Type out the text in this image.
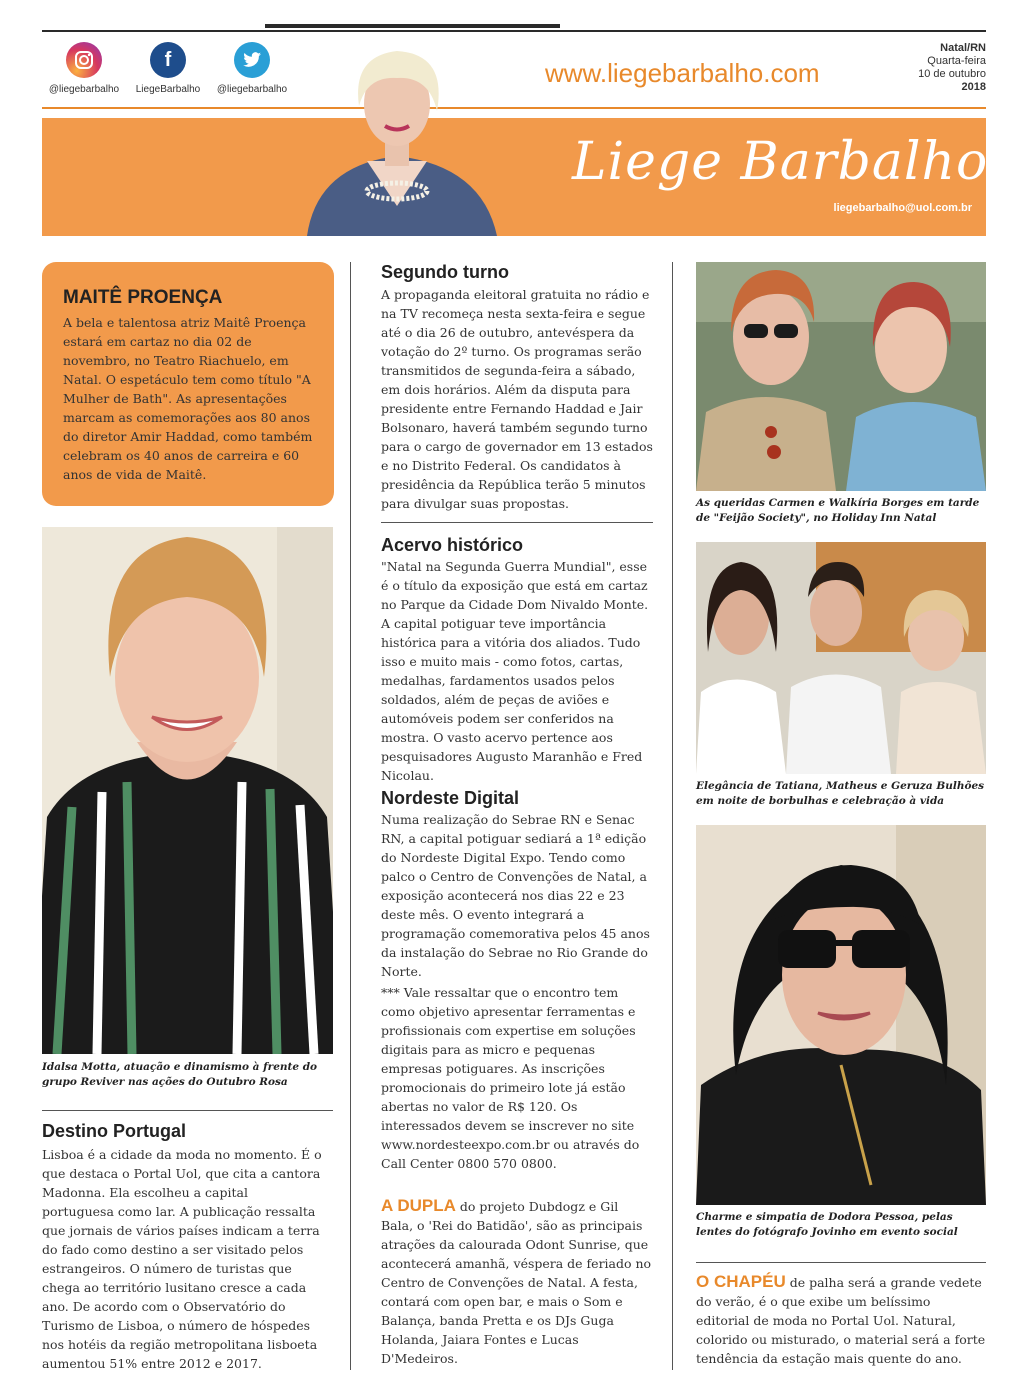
@liegebarbalho
f
LiegeBarbalho	@liegebarbalho
www.liegebarbalho.com
Natal/RN
Quarta-feira
10 de outubro
2018
Liege Barbalho
liegebarbalho@uol.com.br
MAITÊ PROENÇA
A bela e talentosa atriz Maitê Proença estará em cartaz no dia 02 de novembro, no Teatro Riachuelo, em Natal. O espetáculo tem como título "A Mulher de Bath". As apresentações marcam as comemorações aos 80 anos do diretor Amir Haddad, como também celebram os 40 anos de carreira e 60 anos de vida de Maitê.
Idalsa Motta, atuação e dinamismo à frente do grupo Reviver nas ações do Outubro Rosa
Destino Portugal
Lisboa é a cidade da moda no momento. É o que destaca o Portal Uol, que cita a cantora Madonna. Ela escolheu a capital portuguesa como lar. A publicação ressalta que jornais de vários países indicam a terra do fado como destino a ser visitado pelos estrangeiros. O número de turistas que chega ao território lusitano cresce a cada ano. De acordo com o Observatório do Turismo de Lisboa, o número de hóspedes nos hotéis da região metropolitana lisboeta aumentou 51% entre 2012 e 2017.
Segundo turno
A propaganda eleitoral gratuita no rádio e na TV recomeça nesta sexta-feira e segue até o dia 26 de outubro, antevéspera da votação do 2º turno. Os programas serão transmitidos de segunda-feira a sábado, em dois horários. Além da disputa para presidente entre Fernando Haddad e Jair Bolsonaro, haverá também segundo turno para o cargo de governador em 13 estados e no Distrito Federal. Os candidatos à presidência da República terão 5 minutos para divulgar suas propostas.
Acervo histórico
"Natal na Segunda Guerra Mundial", esse é o título da exposição que está em cartaz no Parque da Cidade Dom Nivaldo Monte. A capital potiguar teve importância histórica para a vitória dos aliados. Tudo isso e muito mais - como fotos, cartas, medalhas, fardamentos usados pelos soldados, além de peças de aviões e automóveis podem ser conferidos na mostra. O vasto acervo pertence aos pesquisadores Augusto Maranhão e Fred Nicolau.
Nordeste Digital
Numa realização do Sebrae RN e Senac RN, a capital potiguar sediará a 1ª edição do Nordeste Digital Expo. Tendo como palco o Centro de Convenções de Natal, a exposição acontecerá nos dias 22 e 23 deste mês. O evento integrará a programação comemorativa pelos 45 anos da instalação do Sebrae no Rio Grande do Norte.
*** Vale ressaltar que o encontro tem como objetivo apresentar ferramentas e profissionais com expertise em soluções digitais para as micro e pequenas empresas potiguares. As inscrições promocionais do primeiro lote já estão abertas no valor de R$ 120. Os interessados devem se inscrever no site www.nordesteexpo.com.br ou através do Call Center 0800 570 0800.
A DUPLA do projeto Dubdogz e Gil Bala, o 'Rei do Batidão', são as principais atrações da calourada Odont Sunrise, que acontecerá amanhã, véspera de feriado no Centro de Convenções de Natal. A festa, contará com open bar, e mais o Som e Balança, banda Pretta e os DJs Guga Holanda, Jaiara Fontes e Lucas D'Medeiros.
As queridas Carmen e Walkíria Borges em tarde de "Feijão Society", no Holiday Inn Natal
Elegância de Tatiana, Matheus e Geruza Bulhões em noite de borbulhas e celebração à vida
Charme e simpatia de Dodora Pessoa, pelas lentes do fotógrafo Jovinho em evento social
O CHAPÉU de palha será a grande vedete do verão, é o que exibe um belíssimo editorial de moda no Portal Uol. Natural, colorido ou misturado, o material será a forte tendência da estação mais quente do ano.
